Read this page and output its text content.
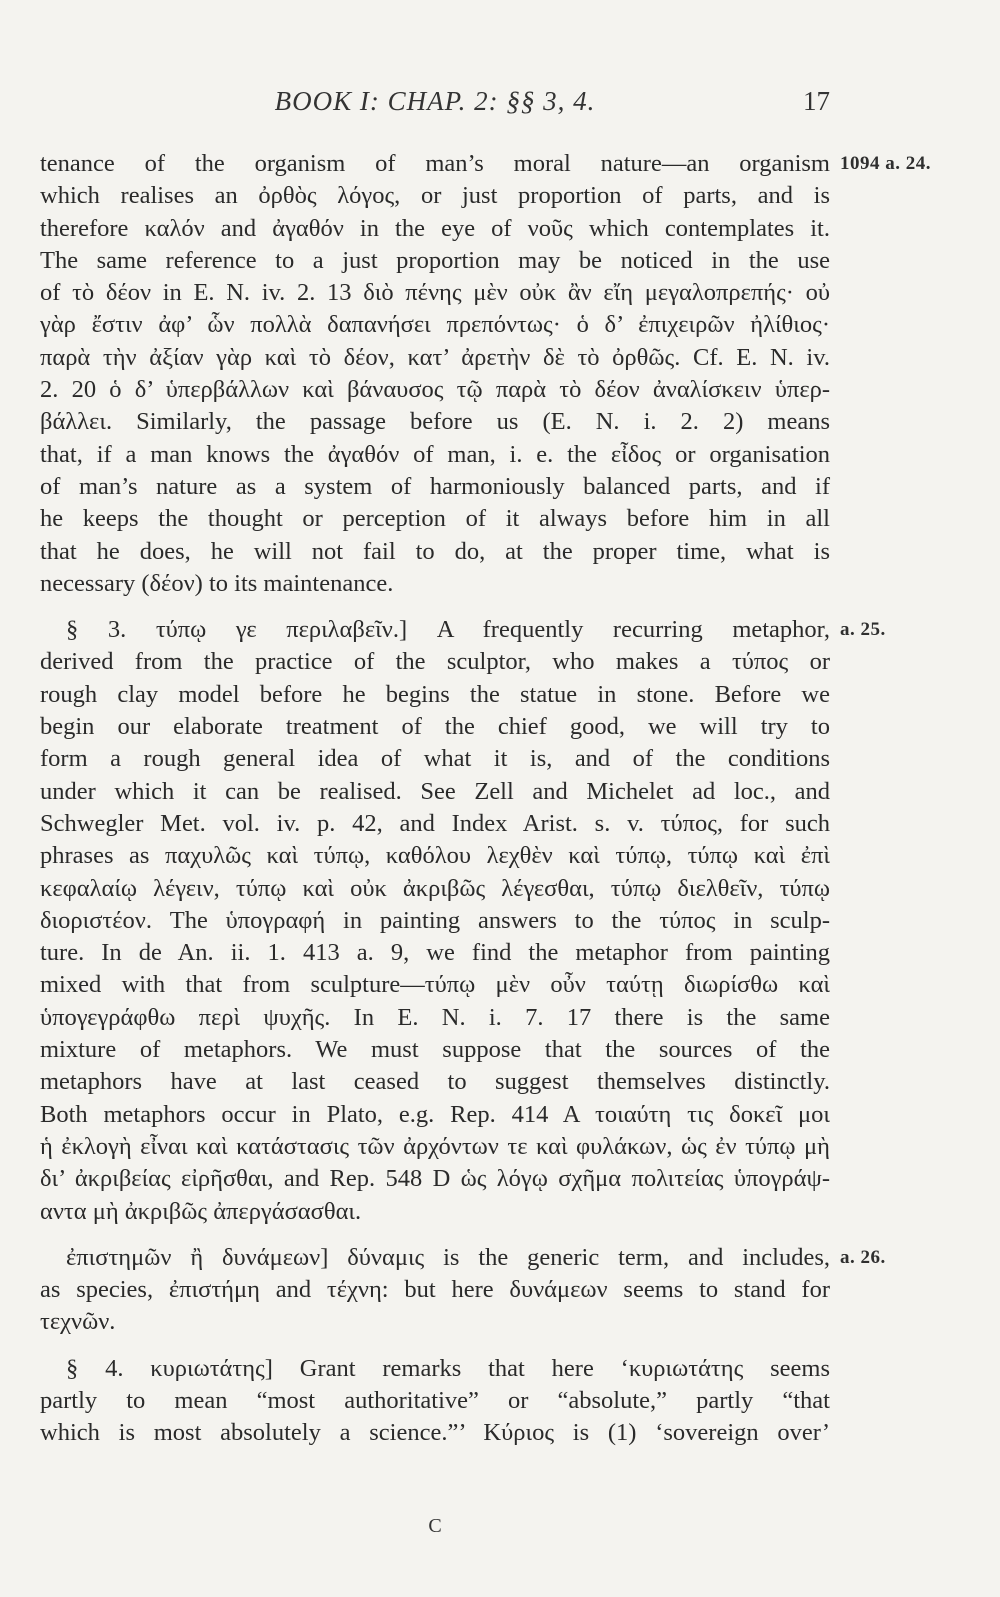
BOOK I: CHAP. 2: §§ 3, 4.	17
tenance of the organism of man’s moral nature—an organism 1094 a. 24.
which realises an ὀρθὸς λόγος, or just proportion of parts, and is
therefore καλόν and ἀγαθόν in the eye of νοῦς which contemplates it.
The same reference to a just proportion may be noticed in the use
of τὸ δέον in E. N. iv. 2. 13 διὸ πένης μὲν οὐκ ἂν εἴη μεγαλοπρεπής· οὐ
γὰρ ἔστιν ἀφ’ ὧν πολλὰ δαπανήσει πρεπόντως· ὁ δ’ ἐπιχειρῶν ἠλίθιος·
παρὰ τὴν ἀξίαν γὰρ καὶ τὸ δέον, κατ’ ἀρετὴν δὲ τὸ ὀρθῶς. Cf. E. N. iv.
2. 20 ὁ δ’ ὑπερβάλλων καὶ βάναυσος τῷ παρὰ τὸ δέον ἀναλίσκειν ὑπερ-
βάλλει. Similarly, the passage before us (E. N. i. 2. 2) means
that, if a man knows the ἀγαθόν of man, i. e. the εἶδος or organisation
of man’s nature as a system of harmoniously balanced parts, and if
he keeps the thought or perception of it always before him in all
that he does, he will not fail to do, at the proper time, what is
necessary (δέον) to its maintenance.
§ 3. τύπῳ γε περιλαβεῖν.] A frequently recurring metaphor, a. 25.
derived from the practice of the sculptor, who makes a τύπος or
rough clay model before he begins the statue in stone. Before we
begin our elaborate treatment of the chief good, we will try to
form a rough general idea of what it is, and of the conditions
under which it can be realised. See Zell and Michelet ad loc., and
Schwegler Met. vol. iv. p. 42, and Index Arist. s. v. τύπος, for such
phrases as παχυλῶς καὶ τύπῳ, καθόλου λεχθὲν καὶ τύπῳ, τύπῳ καὶ ἐπὶ
κεφαλαίῳ λέγειν, τύπῳ καὶ οὐκ ἀκριβῶς λέγεσθαι, τύπῳ διελθεῖν, τύπῳ
διοριστέον. The ὑπογραφή in painting answers to the τύπος in sculp-
ture. In de An. ii. 1. 413 a. 9, we find the metaphor from painting
mixed with that from sculpture—τύπῳ μὲν οὖν ταύτῃ διωρίσθω καὶ
ὑπογεγράφθω περὶ ψυχῆς. In E. N. i. 7. 17 there is the same
mixture of metaphors. We must suppose that the sources of the
metaphors have at last ceased to suggest themselves distinctly.
Both metaphors occur in Plato, e.g. Rep. 414 A τοιαύτη τις δοκεῖ μοι
ἡ ἐκλογὴ εἶναι καὶ κατάστασις τῶν ἀρχόντων τε καὶ φυλάκων, ὡς ἐν τύπῳ μὴ
δι’ ἀκριβείας εἰρῆσθαι, and Rep. 548 D ὡς λόγῳ σχῆμα πολιτείας ὑπογράψ-
αντα μὴ ἀκριβῶς ἀπεργάσασθαι.
ἐπιστημῶν ἢ δυνάμεων] δύναμις is the generic term, and includes, a. 26.
as species, ἐπιστήμη and τέχνη: but here δυνάμεων seems to stand for
τεχνῶν.
§ 4. κυριωτάτης] Grant remarks that here ‘κυριωτάτης seems
partly to mean “most authoritative” or “absolute,” partly “that
which is most absolutely a science.”’ Κύριος is (1) ‘sovereign over’
C
